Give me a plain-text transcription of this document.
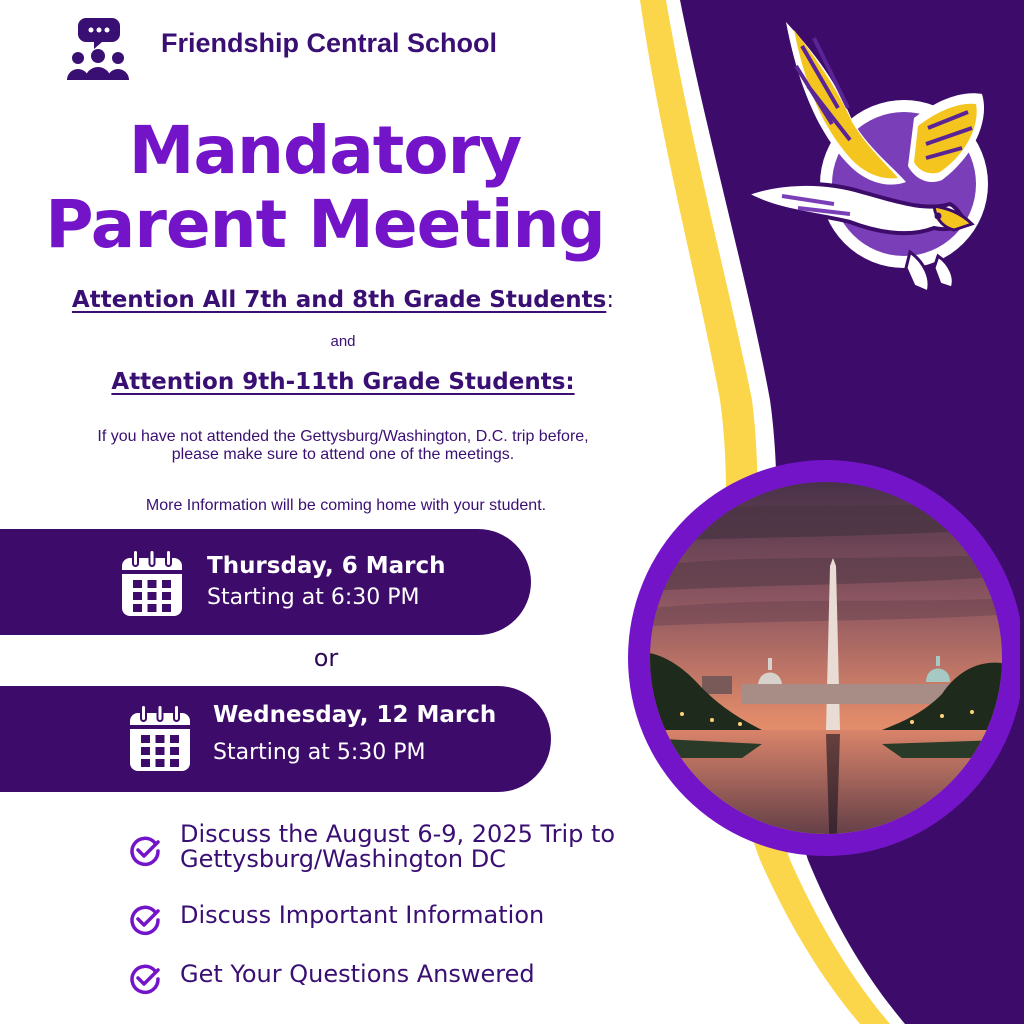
Friendship Central School
Mandatory
Parent Meeting
Attention All 7th and 8th Grade Students:
and
Attention 9th-11th Grade Students:
If you have not attended the Gettysburg/Washington, D.C. trip before,
please make sure to attend one of the meetings.
More Information will be coming home with your student.
Thursday, 6 March
Starting at 6:30 PM
or
Wednesday, 12 March
Starting at 5:30 PM
Discuss the August 6-9, 2025 Trip to Gettysburg/Washington DC
Discuss Important Information
Get Your Questions Answered
